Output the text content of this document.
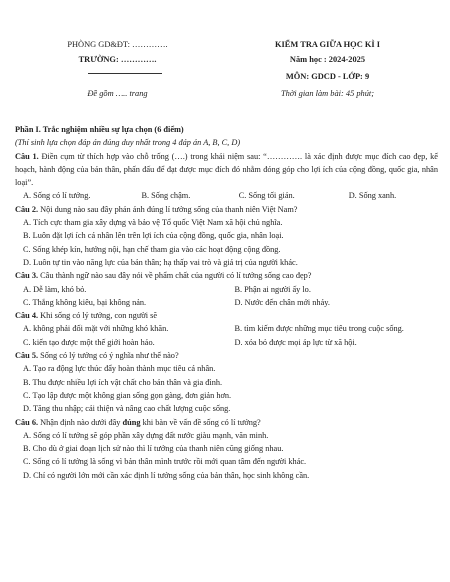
PHÒNG GD&ĐT: ………….
TRƯỜNG: ………….
Đề gồm ….. trang
KIỂM TRA GIỮA HỌC KÌ I
Năm học : 2024-2025
MÔN: GDCD - LỚP: 9
Thời gian làm bài: 45 phút;

Phần I. Trắc nghiệm nhiều sự lựa chọn (6 điểm)

(Thí sinh lựa chọn đáp án đúng duy nhất trong 4 đáp án A, B, C, D)

Câu 1. Điền cụm từ thích hợp vào chỗ trống (….) trong khái niệm sau: “…………. là xác định được mục đích cao đẹp, kế hoạch, hành động của bản thân, phấn đấu để đạt được mục đích đó nhằm đóng góp cho lợi ích của cộng đồng, quốc gia, nhân loại”.

A. Sống có lí tưởng.	B. Sống chậm.	C. Sống tối giản.	D. Sống xanh.

Câu 2. Nội dung nào sau đây phản ánh đúng lí tưởng sống của thanh niên Việt Nam?

A. Tích cực tham gia xây dựng và bảo vệ Tổ quốc Việt Nam xã hội chủ nghĩa.
B. Luôn đặt lợi ích cá nhân lên trên lợi ích của cộng đồng, quốc gia, nhân loại.
C. Sống khép kín, hướng nội, hạn chế tham gia vào các hoạt động cộng đồng.
D. Luôn tự tin vào năng lực của bản thân; hạ thấp vai trò và giá trị của người khác.

Câu 3. Câu thành ngữ nào sau đây nói về phẩm chất của người có lí tưởng sống cao đẹp?

A. Dễ làm, khó bỏ.	B. Phận ai người ấy lo.
C. Thắng không kiêu, bại không nản.	D. Nước đến chân mới nhảy.

Câu 4. Khi sống có lý tưởng, con người sẽ

A. không phải đối mặt với những khó khăn.	B. tìm kiếm được những mục tiêu trong cuộc sống.
C. kiến tạo được một thế giới hoàn hảo.	D. xóa bỏ được mọi áp lực từ xã hội.

Câu 5. Sống có lý tưởng có ý nghĩa như thế nào?

A. Tạo ra động lực thúc đẩy hoàn thành mục tiêu cá nhân.
B. Thu được nhiều lợi ích vật chất cho bản thân và gia đình.
C. Tạo lập được một không gian sống gọn gàng, đơn giản hơn.
D. Tăng thu nhập; cải thiện và nâng cao chất lượng cuộc sống.

Câu 6. Nhận định nào dưới đây đúng khi bàn về vấn đề sống có lí tưởng?

A. Sống có lí tưởng sẽ góp phần xây dựng đất nước giàu mạnh, văn minh.
B. Cho dù ở giai đoạn lịch sử nào thì lí tưởng của thanh niên cũng giống nhau.
C. Sống có lí tưởng là sống vì bản thân mình trước rồi mới quan tâm đến người khác.
D. Chỉ có người lớn mới cần xác định lí tưởng sống của bản thân, học sinh không cần.
